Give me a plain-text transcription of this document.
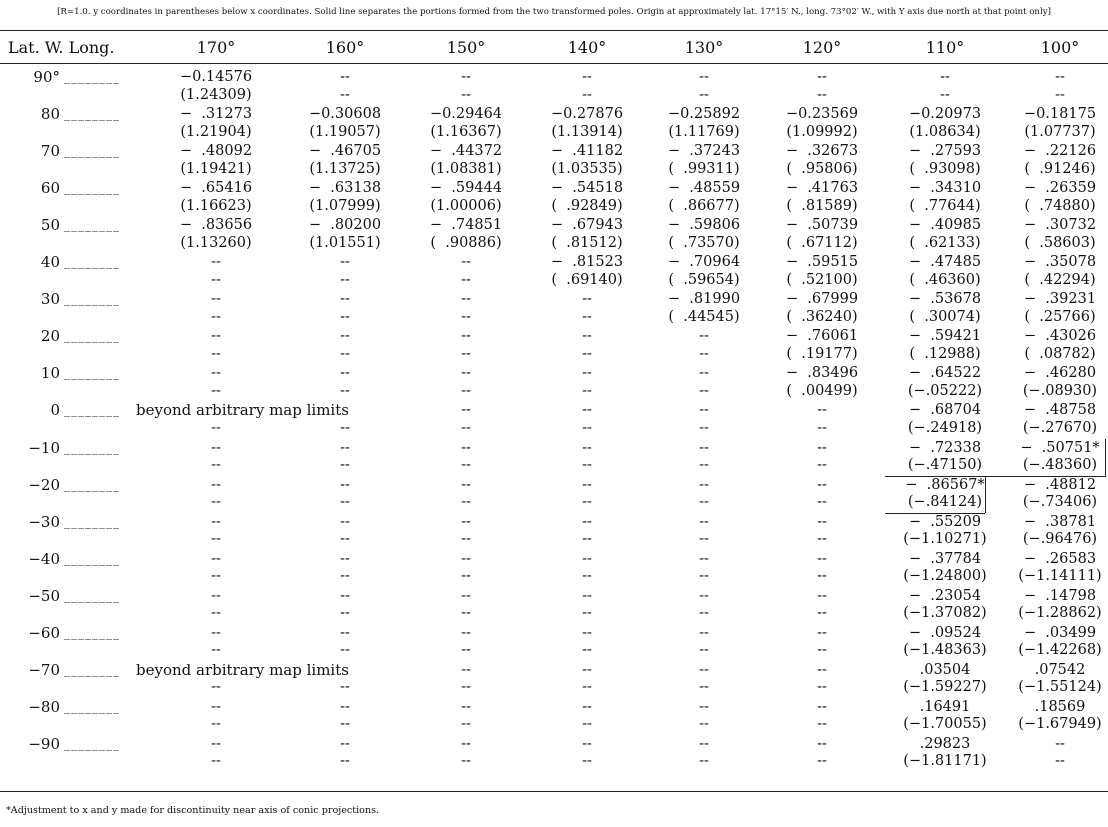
[R=1.0. y coordinates in parentheses below x coordinates. Solid line separates the portions formed from the two transformed poles. Origin at approximately lat. 17°15′ N., long. 73°02′ W., with Y axis due north at that point only]
Lat. W. Long.	170°	160°	150°	140°	130°	120°	110°	100°
90° ________	−0.14576	--	--	--	--	--	--	--
(1.24309)	--	--	--	--	--	--	--
80 ________	−  .31273	−0.30608	−0.29464	−0.27876	−0.25892	−0.23569	−0.20973	−0.18175
(1.21904)	(1.19057)	(1.16367)	(1.13914)	(1.11769)	(1.09992)	(1.08634)	(1.07737)
70 ________	−  .48092	−  .46705	−  .44372	−  .41182	−  .37243	−  .32673	−  .27593	−  .22126
(1.19421)	(1.13725)	(1.08381)	(1.03535)	(  .99311)	(  .95806)	(  .93098)	(  .91246)
60 ________	−  .65416	−  .63138	−  .59444	−  .54518	−  .48559	−  .41763	−  .34310	−  .26359
(1.16623)	(1.07999)	(1.00006)	(  .92849)	(  .86677)	(  .81589)	(  .77644)	(  .74880)
50 ________	−  .83656	−  .80200	−  .74851	−  .67943	−  .59806	−  .50739	−  .40985	−  .30732
(1.13260)	(1.01551)	(  .90886)	(  .81512)	(  .73570)	(  .67112)	(  .62133)	(  .58603)
40 ________	--	--	--	−  .81523	−  .70964	−  .59515	−  .47485	−  .35078
--	--	--	(  .69140)	(  .59654)	(  .52100)	(  .46360)	(  .42294)
30 ________	--	--	--	--	−  .81990	−  .67999	−  .53678	−  .39231
--	--	--	--	(  .44545)	(  .36240)	(  .30074)	(  .25766)
20 ________	--	--	--	--	--	−  .76061	−  .59421	−  .43026
--	--	--	--	--	(  .19177)	(  .12988)	(  .08782)
10 ________	--	--	--	--	--	−  .83496	−  .64522	−  .46280
--	--	--	--	--	(  .00499)	(−.05222)	(−.08930)
0 ________	beyond arbitrary map limits	--	--	--	--	−  .68704	−  .48758
--	--	--	--	--	--	(−.24918)	(−.27670)
−10 ________	--	--	--	--	--	--	−  .72338	−  .50751*
--	--	--	--	--	--	(−.47150)	(−.48360)
−20 ________	--	--	--	--	--	--	−  .86567*	−  .48812
--	--	--	--	--	--	(−.84124)	(−.73406)
−30 ________	--	--	--	--	--	--	−  .55209	−  .38781
--	--	--	--	--	--	(−1.10271)	(−.96476)
−40 ________	--	--	--	--	--	--	−  .37784	−  .26583
--	--	--	--	--	--	(−1.24800)	(−1.14111)
−50 ________	--	--	--	--	--	--	−  .23054	−  .14798
--	--	--	--	--	--	(−1.37082)	(−1.28862)
−60 ________	--	--	--	--	--	--	−  .09524	−  .03499
--	--	--	--	--	--	(−1.48363)	(−1.42268)
−70 ________	beyond arbitrary map limits	--	--	--	--	.03504	.07542
--	--	--	--	--	--	(−1.59227)	(−1.55124)
−80 ________	--	--	--	--	--	--	.16491	.18569
--	--	--	--	--	--	(−1.70055)	(−1.67949)
−90 ________	--	--	--	--	--	--	.29823	--
--	--	--	--	--	--	(−1.81171)	--
*Adjustment to x and y made for discontinuity near axis of conic projections.
